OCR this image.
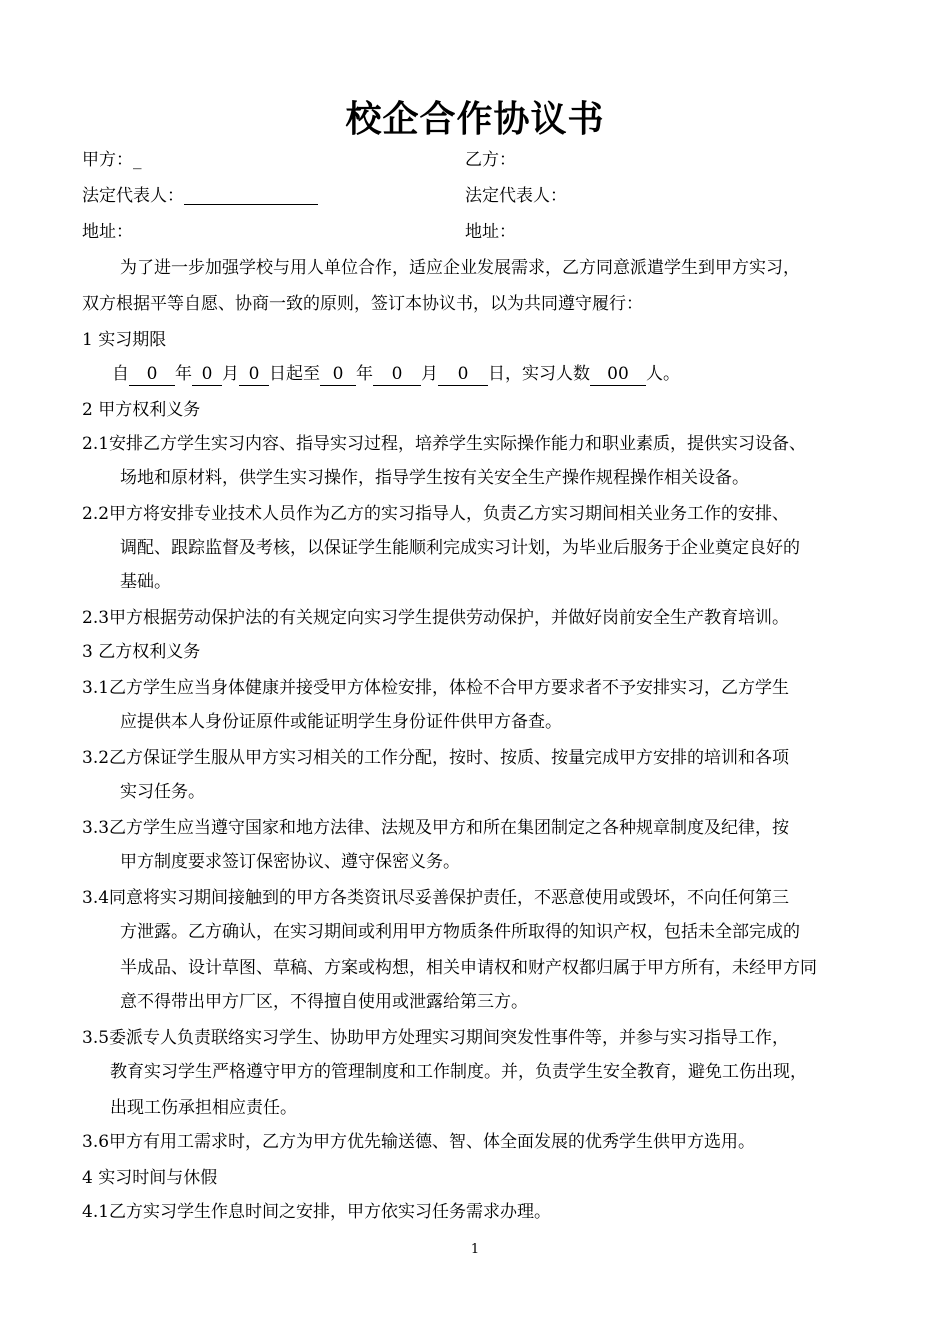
校企合作协议书
甲方：_	乙方：
法定代表人：	法定代表人：
地址：	地址：
为了进一步加强学校与用人单位合作，适应企业发展需求，乙方同意派遣学生到甲方实习，
双方根据平等自愿、协商一致的原则，签订本协议书，以为共同遵守履行：
1 实习期限
自 0 年 0 月 0 日起至 0 年 0 月 0 日，实习人数 00 人。
2 甲方权利义务
2.1安排乙方学生实习内容、指导实习过程，培养学生实际操作能力和职业素质，提供实习设备、
场地和原材料，供学生实习操作，指导学生按有关安全生产操作规程操作相关设备。
2.2甲方将安排专业技术人员作为乙方的实习指导人，负责乙方实习期间相关业务工作的安排、
调配、跟踪监督及考核，以保证学生能顺利完成实习计划，为毕业后服务于企业奠定良好的
基础。
2.3甲方根据劳动保护法的有关规定向实习学生提供劳动保护，并做好岗前安全生产教育培训。
3 乙方权利义务
3.1乙方学生应当身体健康并接受甲方体检安排，体检不合甲方要求者不予安排实习，乙方学生
应提供本人身份证原件或能证明学生身份证件供甲方备查。
3.2乙方保证学生服从甲方实习相关的工作分配，按时、按质、按量完成甲方安排的培训和各项
实习任务。
3.3乙方学生应当遵守国家和地方法律、法规及甲方和所在集团制定之各种规章制度及纪律，按
甲方制度要求签订保密协议、遵守保密义务。
3.4同意将实习期间接触到的甲方各类资讯尽妥善保护责任，不恶意使用或毁坏，不向任何第三
方泄露。乙方确认，在实习期间或利用甲方物质条件所取得的知识产权，包括未全部完成的
半成品、设计草图、草稿、方案或构想，相关申请权和财产权都归属于甲方所有，未经甲方同
意不得带出甲方厂区，不得擅自使用或泄露给第三方。
3.5委派专人负责联络实习学生、协助甲方处理实习期间突发性事件等，并参与实习指导工作，
教育实习学生严格遵守甲方的管理制度和工作制度。并，负责学生安全教育，避免工伤出现，
出现工伤承担相应责任。
3.6甲方有用工需求时，乙方为甲方优先输送德、智、体全面发展的优秀学生供甲方选用。
4 实习时间与休假
4.1乙方实习学生作息时间之安排，甲方依实习任务需求办理。
1
